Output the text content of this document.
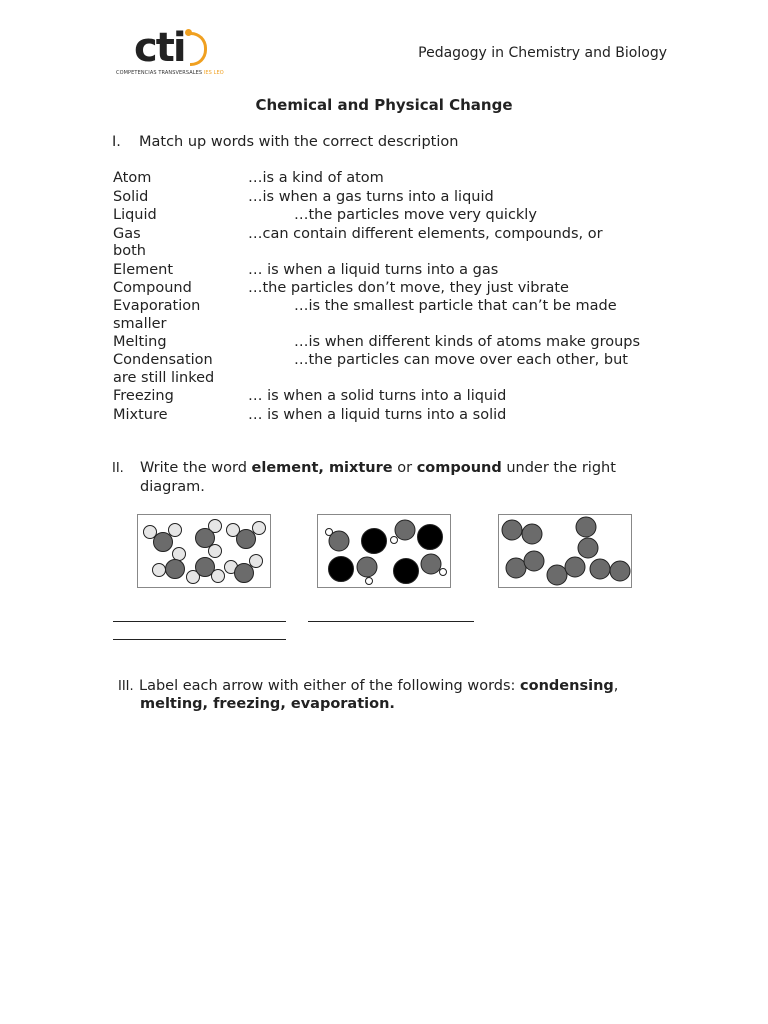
cti
COMPETENCIAS TRANSVERSALES IES LEO
Pedagogy in Chemistry and Biology
Chemical and Physical Change
I. Match up words with the correct description
Atom	…is a kind of atom
Solid	…is when a gas turns into a liquid
Liquid	…the particles move very quickly
Gas	…can contain different elements, compounds, or
both
Element	… is when a liquid turns into a gas
Compound	…the particles don’t move, they just vibrate
Evaporation	…is the smallest particle that can’t be made
smaller
Melting	…is when different kinds of atoms make groups
Condensation	…the particles can move over each other, but
are still linked
Freezing	… is when a solid turns into a liquid
Mixture	… is when a liquid turns into a solid
II. Write the word element, mixture or compound under the right
diagram.
III. Label each arrow with either of the following words: condensing,
melting, freezing, evaporation.
